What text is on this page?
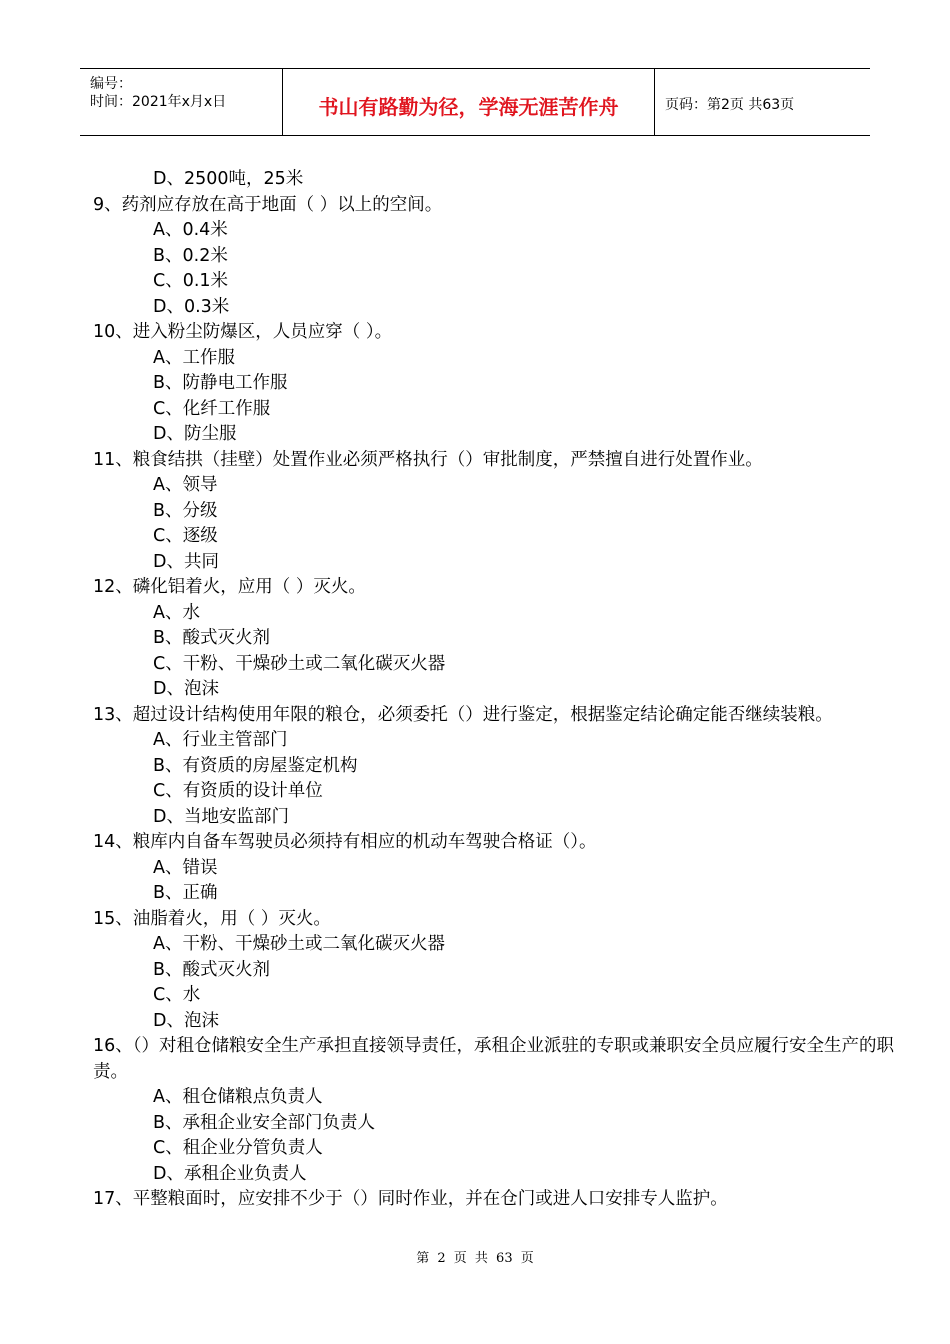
编号：
时间：2021年x月x日	书山有路勤为径，学海无涯苦作舟	页码：第2页 共63页
D、2500吨，25米
9、药剂应存放在高于地面（ ）以上的空间。
A、0.4米
B、0.2米
C、0.1米
D、0.3米
10、进入粉尘防爆区，人员应穿（ ）。
A、工作服
B、防静电工作服
C、化纤工作服
D、防尘服
11、粮食结拱（挂壁）处置作业必须严格执行（）审批制度，严禁擅自进行处置作业。
A、领导
B、分级
C、逐级
D、共同
12、磷化铝着火，应用（ ）灭火。
A、水
B、酸式灭火剂
C、干粉、干燥砂土或二氧化碳灭火器
D、泡沫
13、超过设计结构使用年限的粮仓，必须委托（）进行鉴定，根据鉴定结论确定能否继续装粮。
A、行业主管部门
B、有资质的房屋鉴定机构
C、有资质的设计单位
D、当地安监部门
14、粮库内自备车驾驶员必须持有相应的机动车驾驶合格证（）。
A、错误
B、正确
15、油脂着火，用（ ）灭火。
A、干粉、干燥砂土或二氧化碳灭火器
B、酸式灭火剂
C、水
D、泡沫
16、（）对租仓储粮安全生产承担直接领导责任，承租企业派驻的专职或兼职安全员应履行安全生产的职责。
A、租仓储粮点负责人
B、承租企业安全部门负责人
C、租企业分管负责人
D、承租企业负责人
17、平整粮面时，应安排不少于（）同时作业，并在仓门或进人口安排专人监护。
第 2 页 共 63 页
